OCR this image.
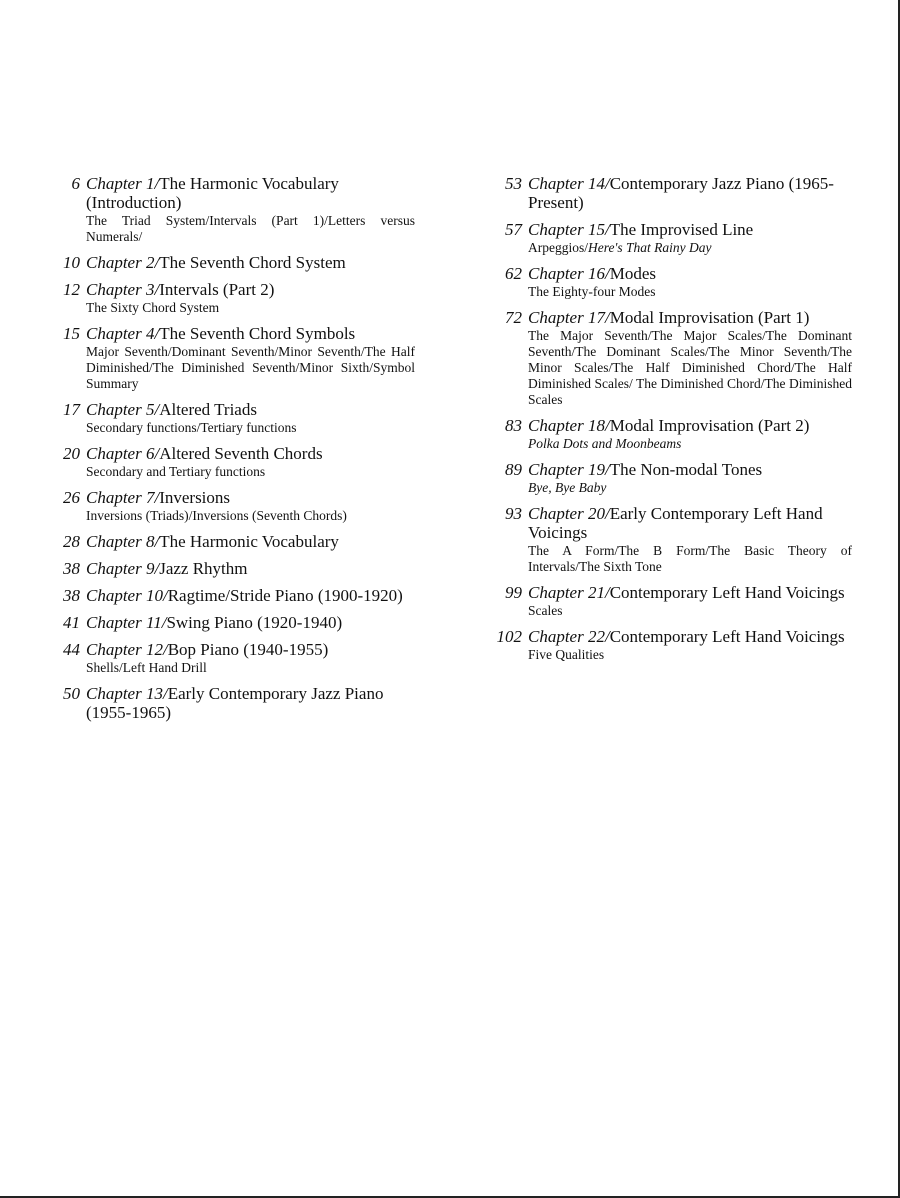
6 Chapter 1/The Harmonic Vocabulary (Introduction)
The Triad System/Intervals (Part 1)/Letters versus Numerals/
10 Chapter 2/The Seventh Chord System
12 Chapter 3/Intervals (Part 2)
The Sixty Chord System
15 Chapter 4/The Seventh Chord Symbols
Major Seventh/Dominant Seventh/Minor Seventh/The Half Diminished/The Diminished Seventh/Minor Sixth/Symbol Summary
17 Chapter 5/Altered Triads
Secondary functions/Tertiary functions
20 Chapter 6/Altered Seventh Chords
Secondary and Tertiary functions
26 Chapter 7/Inversions
Inversions (Triads)/Inversions (Seventh Chords)
28 Chapter 8/The Harmonic Vocabulary
38 Chapter 9/Jazz Rhythm
38 Chapter 10/Ragtime/Stride Piano (1900-1920)
41 Chapter 11/Swing Piano (1920-1940)
44 Chapter 12/Bop Piano (1940-1955)
Shells/Left Hand Drill
50 Chapter 13/Early Contemporary Jazz Piano (1955-1965)
53 Chapter 14/Contemporary Jazz Piano (1965-Present)
57 Chapter 15/The Improvised Line
Arpeggios/Here's That Rainy Day
62 Chapter 16/Modes
The Eighty-four Modes
72 Chapter 17/Modal Improvisation (Part 1)
The Major Seventh/The Major Scales/The Dominant Seventh/The Dominant Scales/The Minor Seventh/The Minor Scales/The Half Diminished Chord/The Half Diminished Scales/ The Diminished Chord/The Diminished Scales
83 Chapter 18/Modal Improvisation (Part 2)
Polka Dots and Moonbeams
89 Chapter 19/The Non-modal Tones
Bye, Bye Baby
93 Chapter 20/Early Contemporary Left Hand Voicings
The A Form/The B Form/The Basic Theory of Intervals/The Sixth Tone
99 Chapter 21/Contemporary Left Hand Voicings
Scales
102 Chapter 22/Contemporary Left Hand Voicings
Five Qualities
